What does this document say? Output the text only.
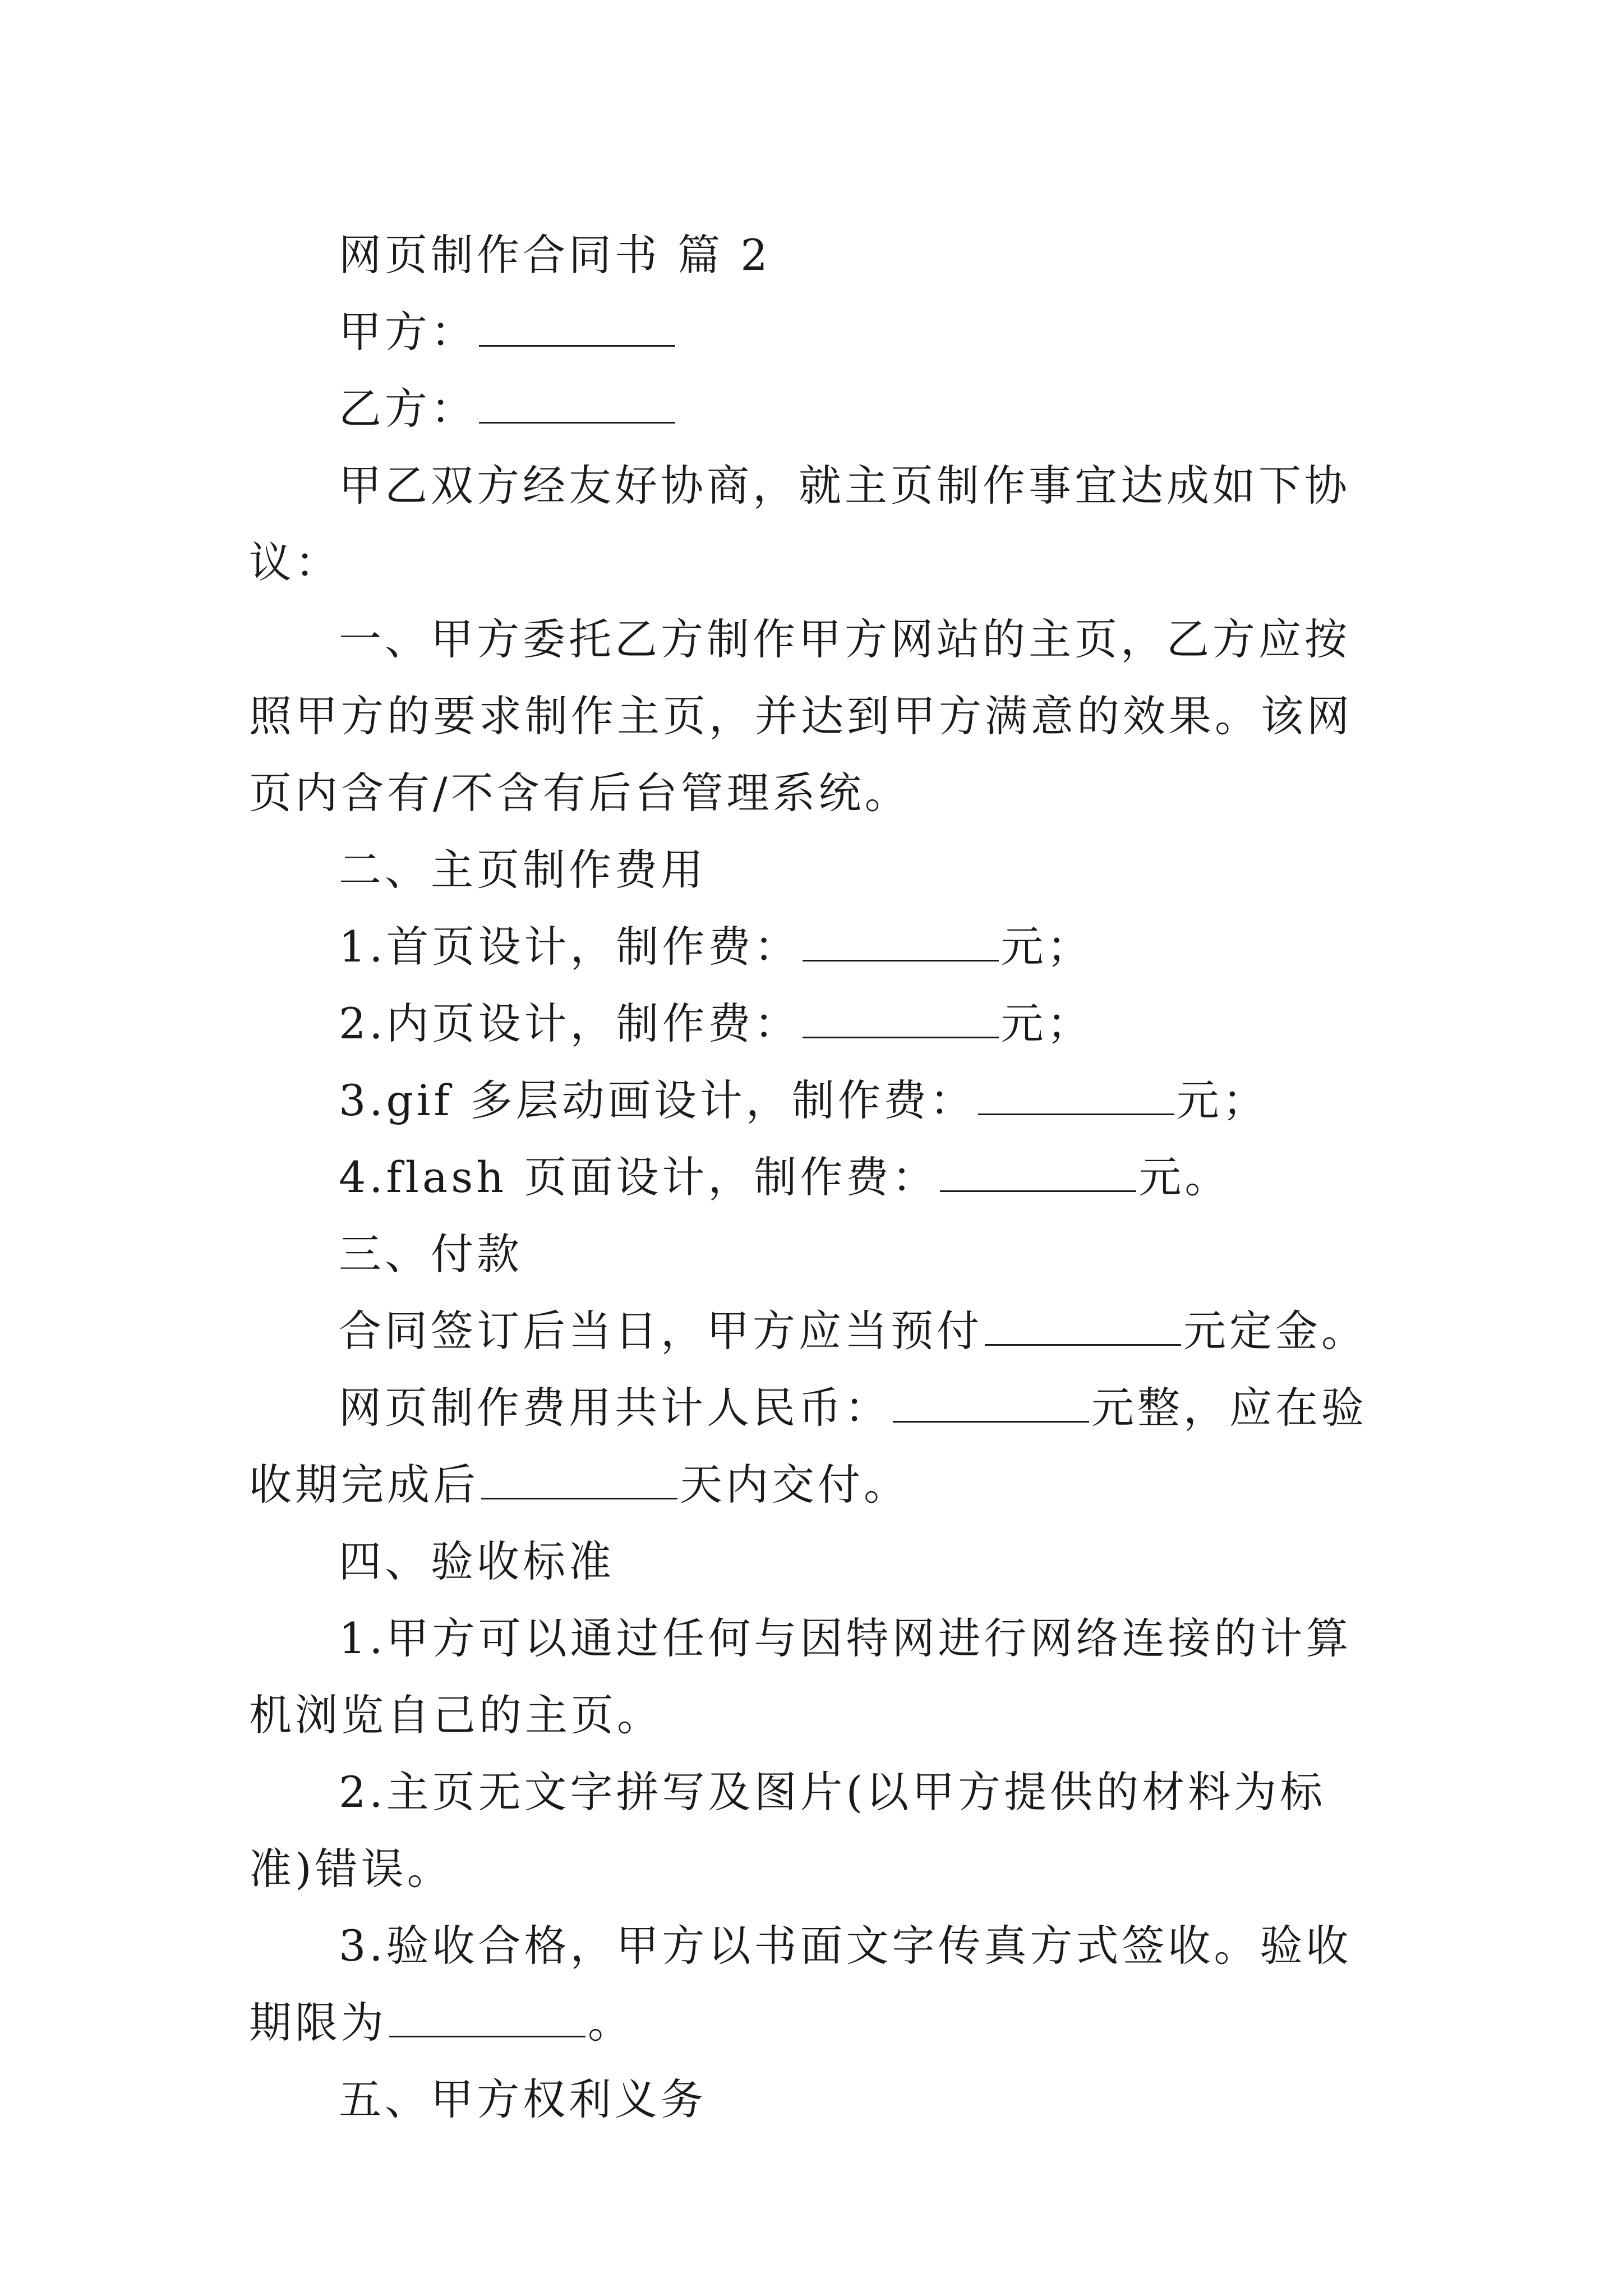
网页制作合同书 篇 2

甲方：

乙方：

甲乙双方经友好协商，就主页制作事宜达成如下协议：

一、甲方委托乙方制作甲方网站的主页，乙方应按照甲方的要求制作主页，并达到甲方满意的效果。该网页内含有/不含有后台管理系统。

二、主页制作费用

1.首页设计，制作费：	元；

2.内页设计，制作费：	元；

3.gif 多层动画设计，制作费：	元；

4.flash 页面设计，制作费：	元。

三、付款

合同签订后当日，甲方应当预付	元定金。

网页制作费用共计人民币：	元整，应在验收期完成后	天内交付。

四、验收标准

1.甲方可以通过任何与因特网进行网络连接的计算机浏览自己的主页。

2.主页无文字拼写及图片(以甲方提供的材料为标准)错误。

3.验收合格，甲方以书面文字传真方式签收。验收期限为	。

五、甲方权利义务
